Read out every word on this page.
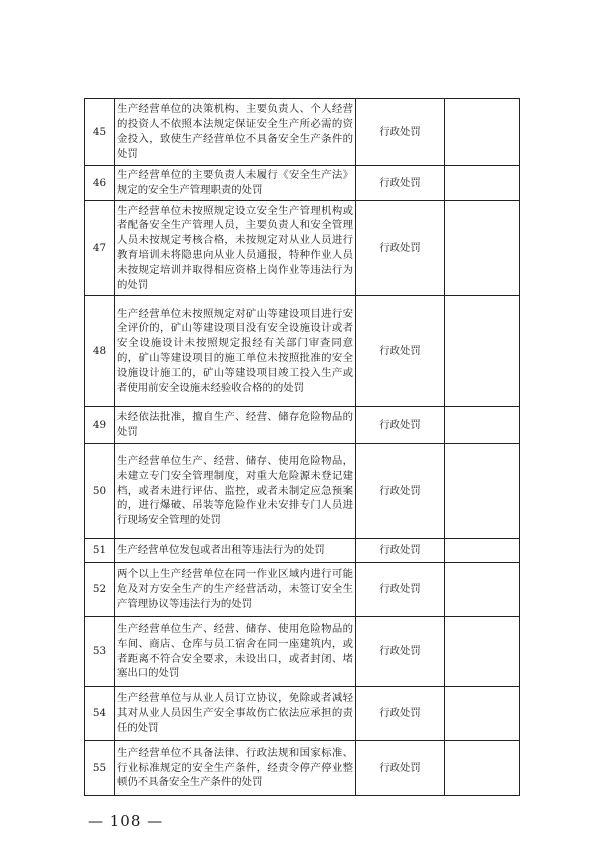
45	生产经营单位的决策机构、主要负责人、个人经营的投资人不依照本法规定保证安全生产所必需的资金投入，致使生产经营单位不具备安全生产条件的处罚	行政处罚	
46	生产经营单位的主要负责人未履行《安全生产法》规定的安全生产管理职责的处罚	行政处罚	
47	生产经营单位未按照规定设立安全生产管理机构或者配备安全生产管理人员，主要负责人和安全管理人员未按规定考核合格，未按规定对从业人员进行教育培训未将隐患向从业人员通报，特种作业人员未按规定培训并取得相应资格上岗作业等违法行为的处罚	行政处罚	
48	生产经营单位未按照规定对矿山等建设项目进行安全评价的，矿山等建设项目没有安全设施设计或者安全设施设计未按照规定报经有关部门审查同意的，矿山等建设项目的施工单位未按照批准的安全设施设计施工的，矿山等建设项目竣工投入生产或者使用前安全设施未经验收合格的的处罚	行政处罚	
49	未经依法批准，擅自生产、经营、储存危险物品的处罚	行政处罚	
50	生产经营单位生产、经营、储存、使用危险物品，未建立专门安全管理制度，对重大危险源未登记建档，或者未进行评估、监控，或者未制定应急预案的，进行爆破、吊装等危险作业未安排专门人员进行现场安全管理的处罚	行政处罚	
51	生产经营单位发包或者出租等违法行为的处罚	行政处罚	
52	两个以上生产经营单位在同一作业区域内进行可能危及对方安全生产的生产经营活动，未签订安全生产管理协议等违法行为的处罚	行政处罚	
53	生产经营单位生产、经营、储存、使用危险物品的车间、商店、仓库与员工宿舍在同一座建筑内，或者距离不符合安全要求，未设出口，或者封闭、堵塞出口的处罚	行政处罚	
54	生产经营单位与从业人员订立协议，免除或者减轻其对从业人员因生产安全事故伤亡依法应承担的责任的处罚	行政处罚	
55	生产经营单位不具备法律、行政法规和国家标准、行业标准规定的安全生产条件，经责令停产停业整顿仍不具备安全生产条件的处罚	行政处罚	
— 108 —
